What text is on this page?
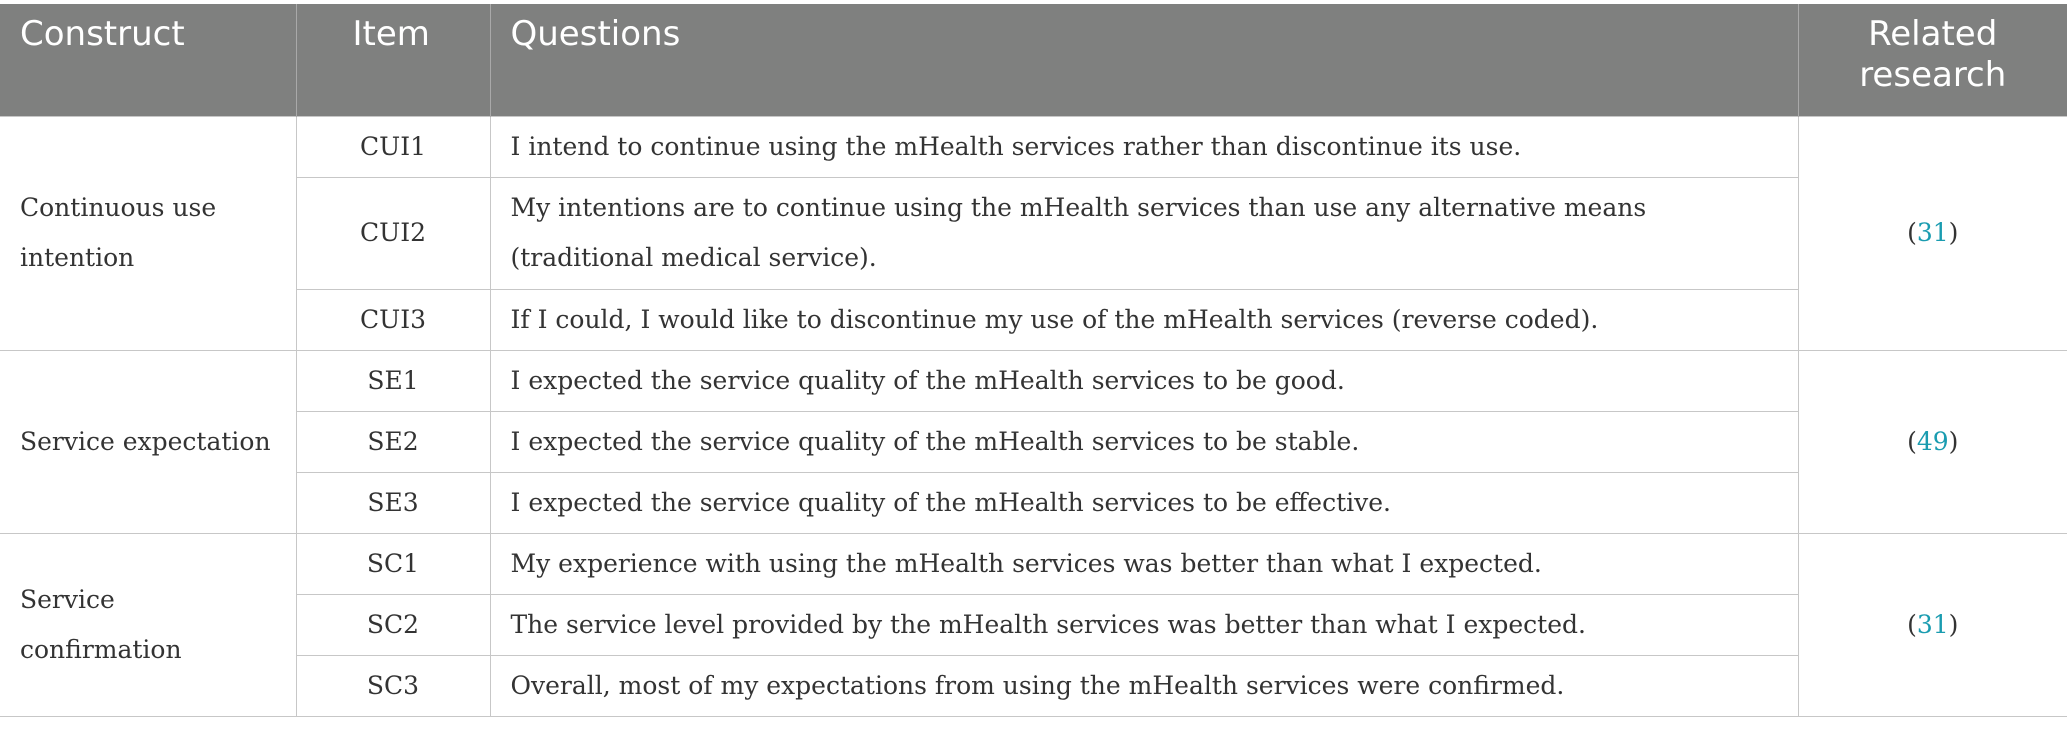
Construct	Item	Questions	Related research
Continuous use intention	CUI1	I intend to continue using the mHealth services rather than discontinue its use.	(31)
	CUI2	My intentions are to continue using the mHealth services than use any alternative means (traditional medical service).	
	CUI3	If I could, I would like to discontinue my use of the mHealth services (reverse coded).	
Service expectation	SE1	I expected the service quality of the mHealth services to be good.	(49)
	SE2	I expected the service quality of the mHealth services to be stable.	
	SE3	I expected the service quality of the mHealth services to be effective.	
Service confirmation	SC1	My experience with using the mHealth services was better than what I expected.	(31)
	SC2	The service level provided by the mHealth services was better than what I expected.	
	SC3	Overall, most of my expectations from using the mHealth services were confirmed.	
